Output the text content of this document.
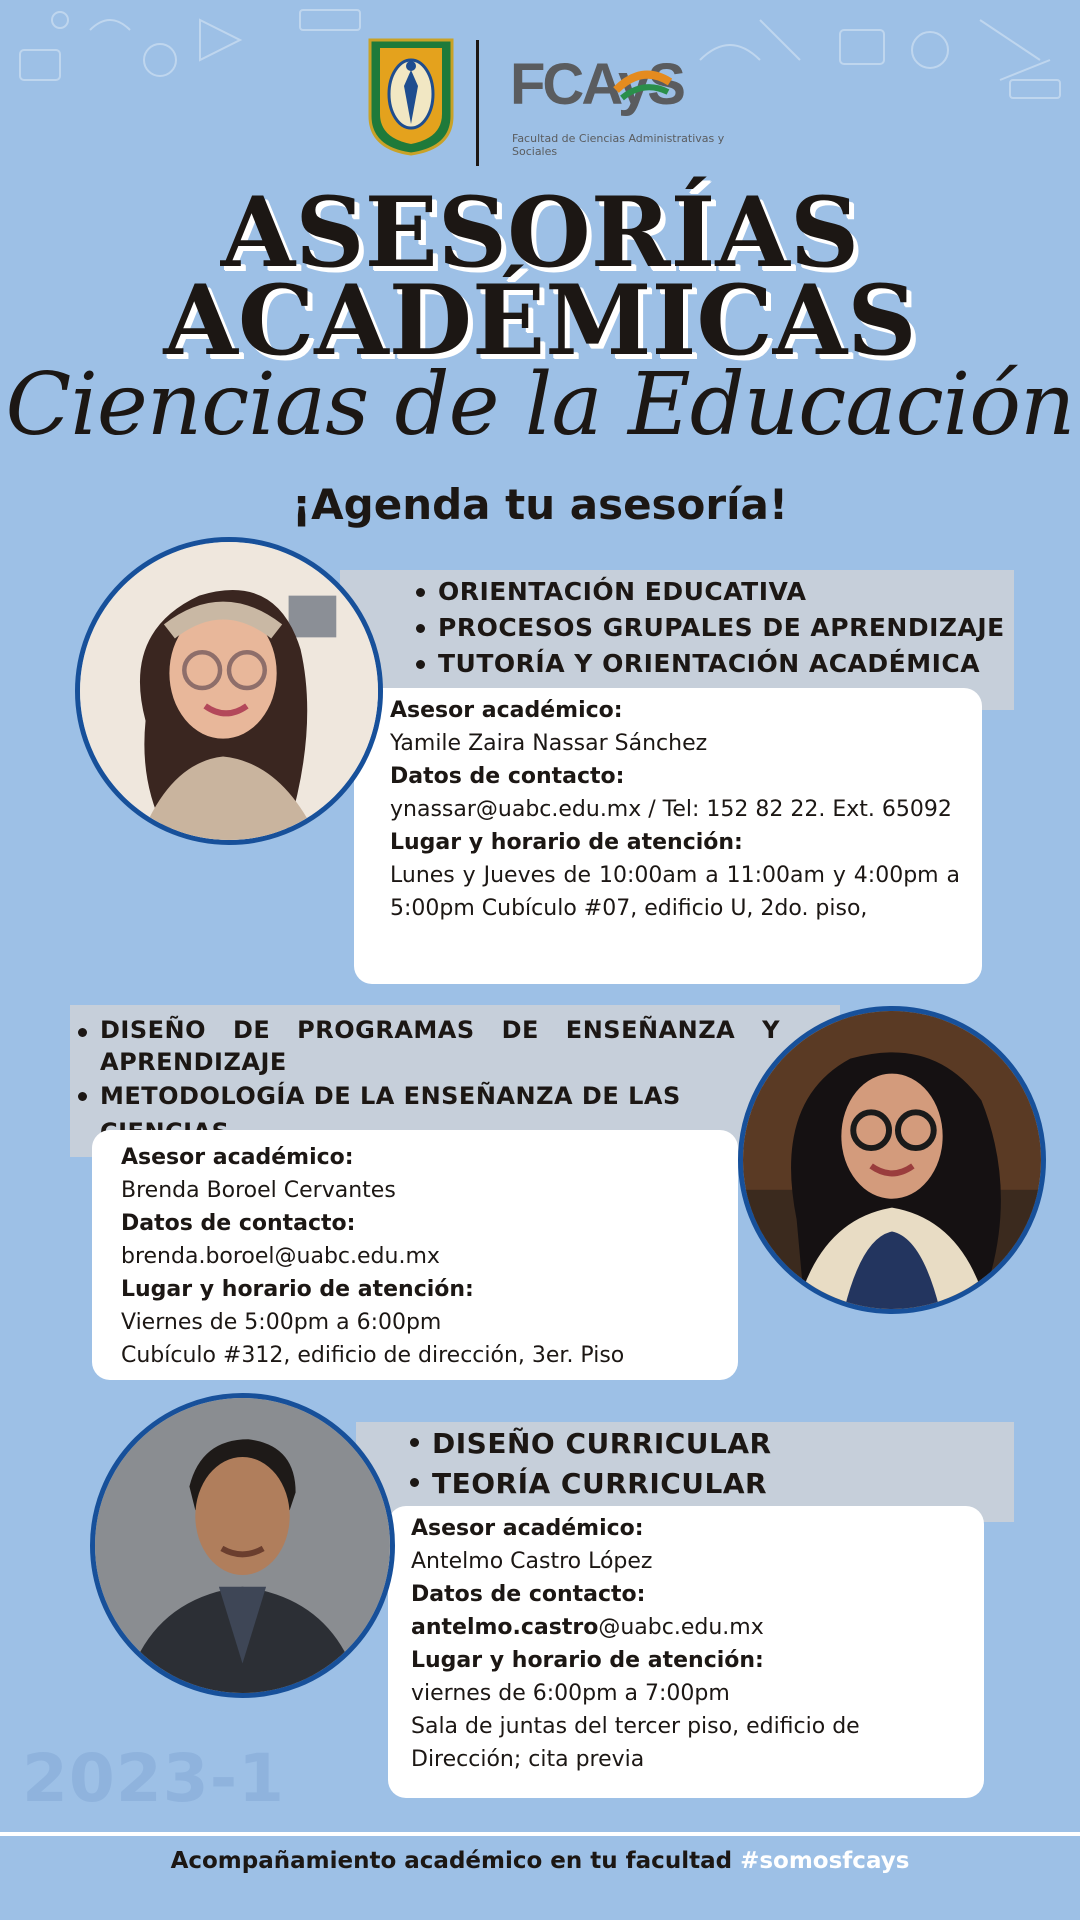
FCAyS
Facultad de Ciencias Administrativas y Sociales
ASESORÍAS
ACADÉMICAS
Ciencias de la Educación
¡Agenda tu asesoría!
ORIENTACIÓN EDUCATIVA
PROCESOS GRUPALES DE APRENDIZAJE
TUTORÍA Y ORIENTACIÓN ACADÉMICA
Asesor académico:
Yamile Zaira Nassar Sánchez
Datos de contacto:
ynassar@uabc.edu.mx / Tel: 152 82 22. Ext. 65092
Lugar y horario de atención:
Lunes y Jueves de 10:00am a 11:00am y 4:00pm a 5:00pm Cubículo #07, edificio U, 2do. piso,
DISEÑO DE PROGRAMAS DE ENSEÑANZA Y APRENDIZAJE
METODOLOGÍA DE LA ENSEÑANZA DE LAS
Asesor académico:
Brenda Boroel Cervantes
Datos de contacto:
brenda.boroel@uabc.edu.mx
Lugar y horario de atención:
Viernes de 5:00pm a 6:00pm
Cubículo #312, edificio de dirección, 3er. Piso
DISEÑO CURRICULAR
TEORÍA CURRICULAR
Asesor académico:
Antelmo Castro López
Datos de contacto:
antelmo.castro@uabc.edu.mx
Lugar y horario de atención:
viernes de 6:00pm a 7:00pm
Sala de juntas del tercer piso, edificio de Dirección; cita previa
2023-1
Acompañamiento académico en tu facultad #somosfcays
